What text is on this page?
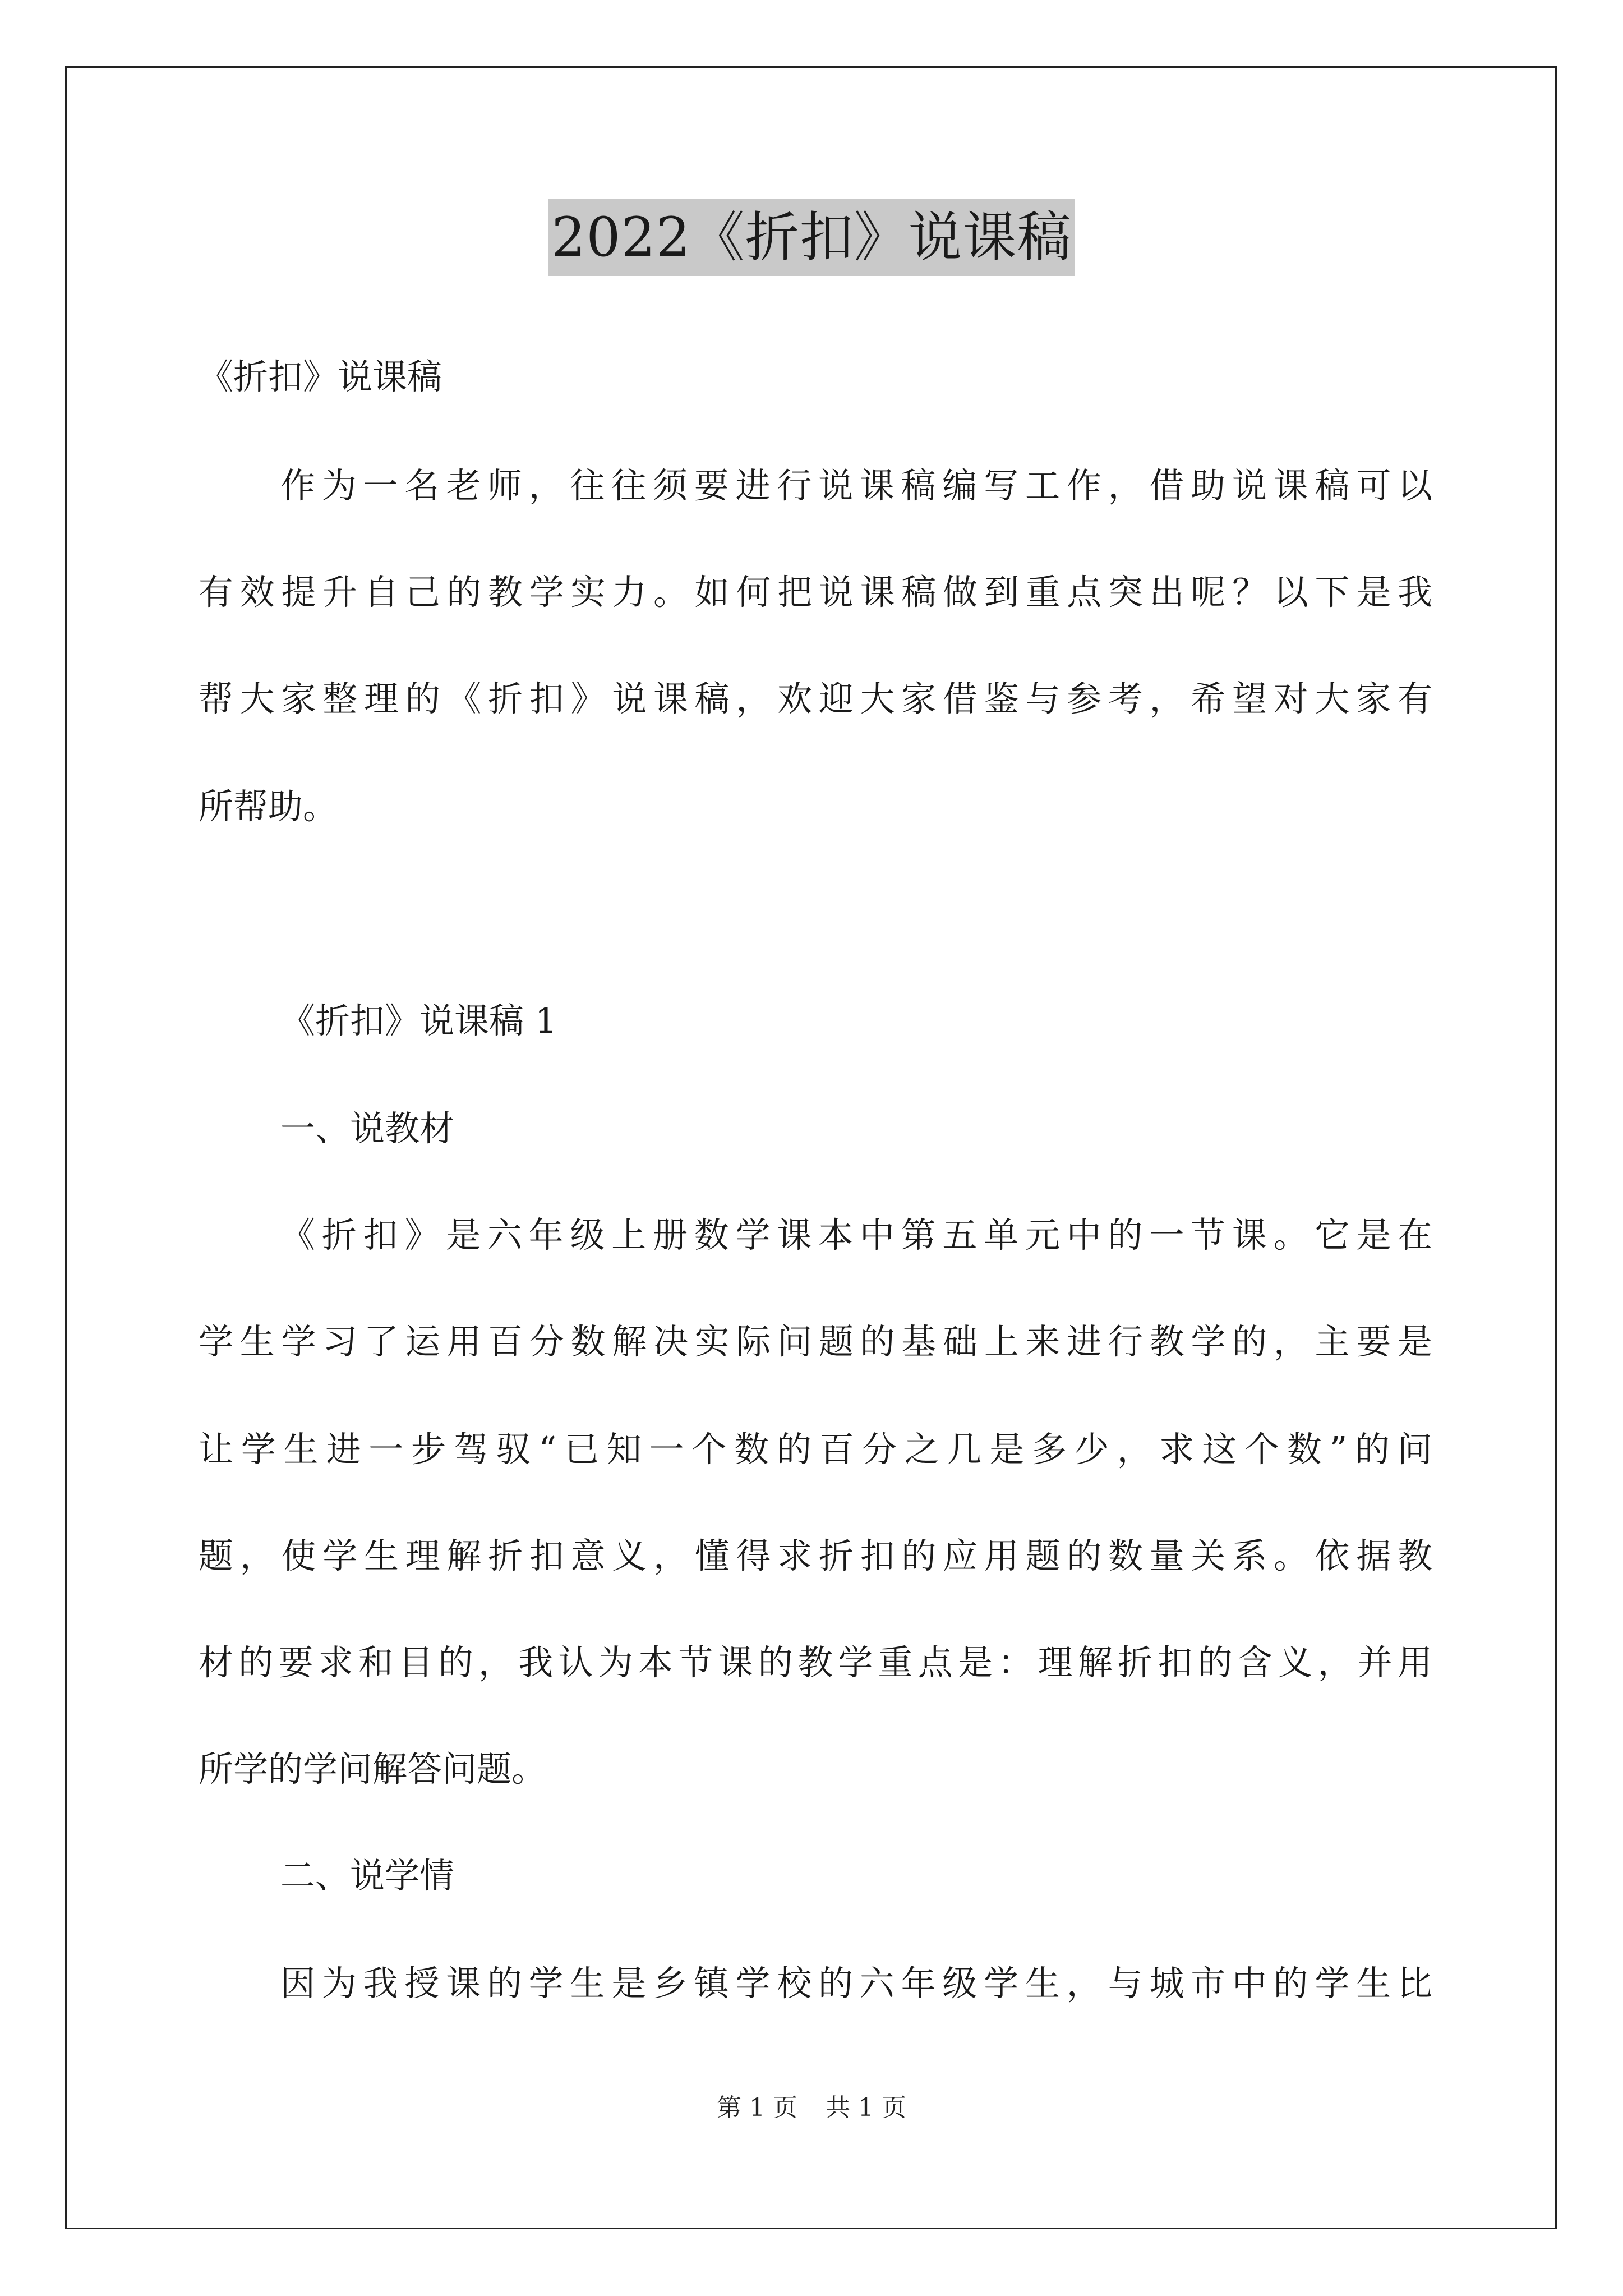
2022《折扣》说课稿
《折扣》说课稿
作为一名老师，往往须要进行说课稿编写工作，借助说课稿可以
有效提升自己的教学实力。如何把说课稿做到重点突出呢？以下是我
帮大家整理的《折扣》说课稿，欢迎大家借鉴与参考，希望对大家有
所帮助。
《折扣》说课稿 1
一、说教材
《折扣》是六年级上册数学课本中第五单元中的一节课。它是在
学生学习了运用百分数解决实际问题的基础上来进行教学的，主要是
让学生进一步驾驭“已知一个数的百分之几是多少，求这个数”的问
题，使学生理解折扣意义，懂得求折扣的应用题的数量关系。依据教
材的要求和目的，我认为本节课的教学重点是：理解折扣的含义，并用
所学的学问解答问题。
二、说学情
因为我授课的学生是乡镇学校的六年级学生，与城市中的学生比
第 1 页 共 1 页
